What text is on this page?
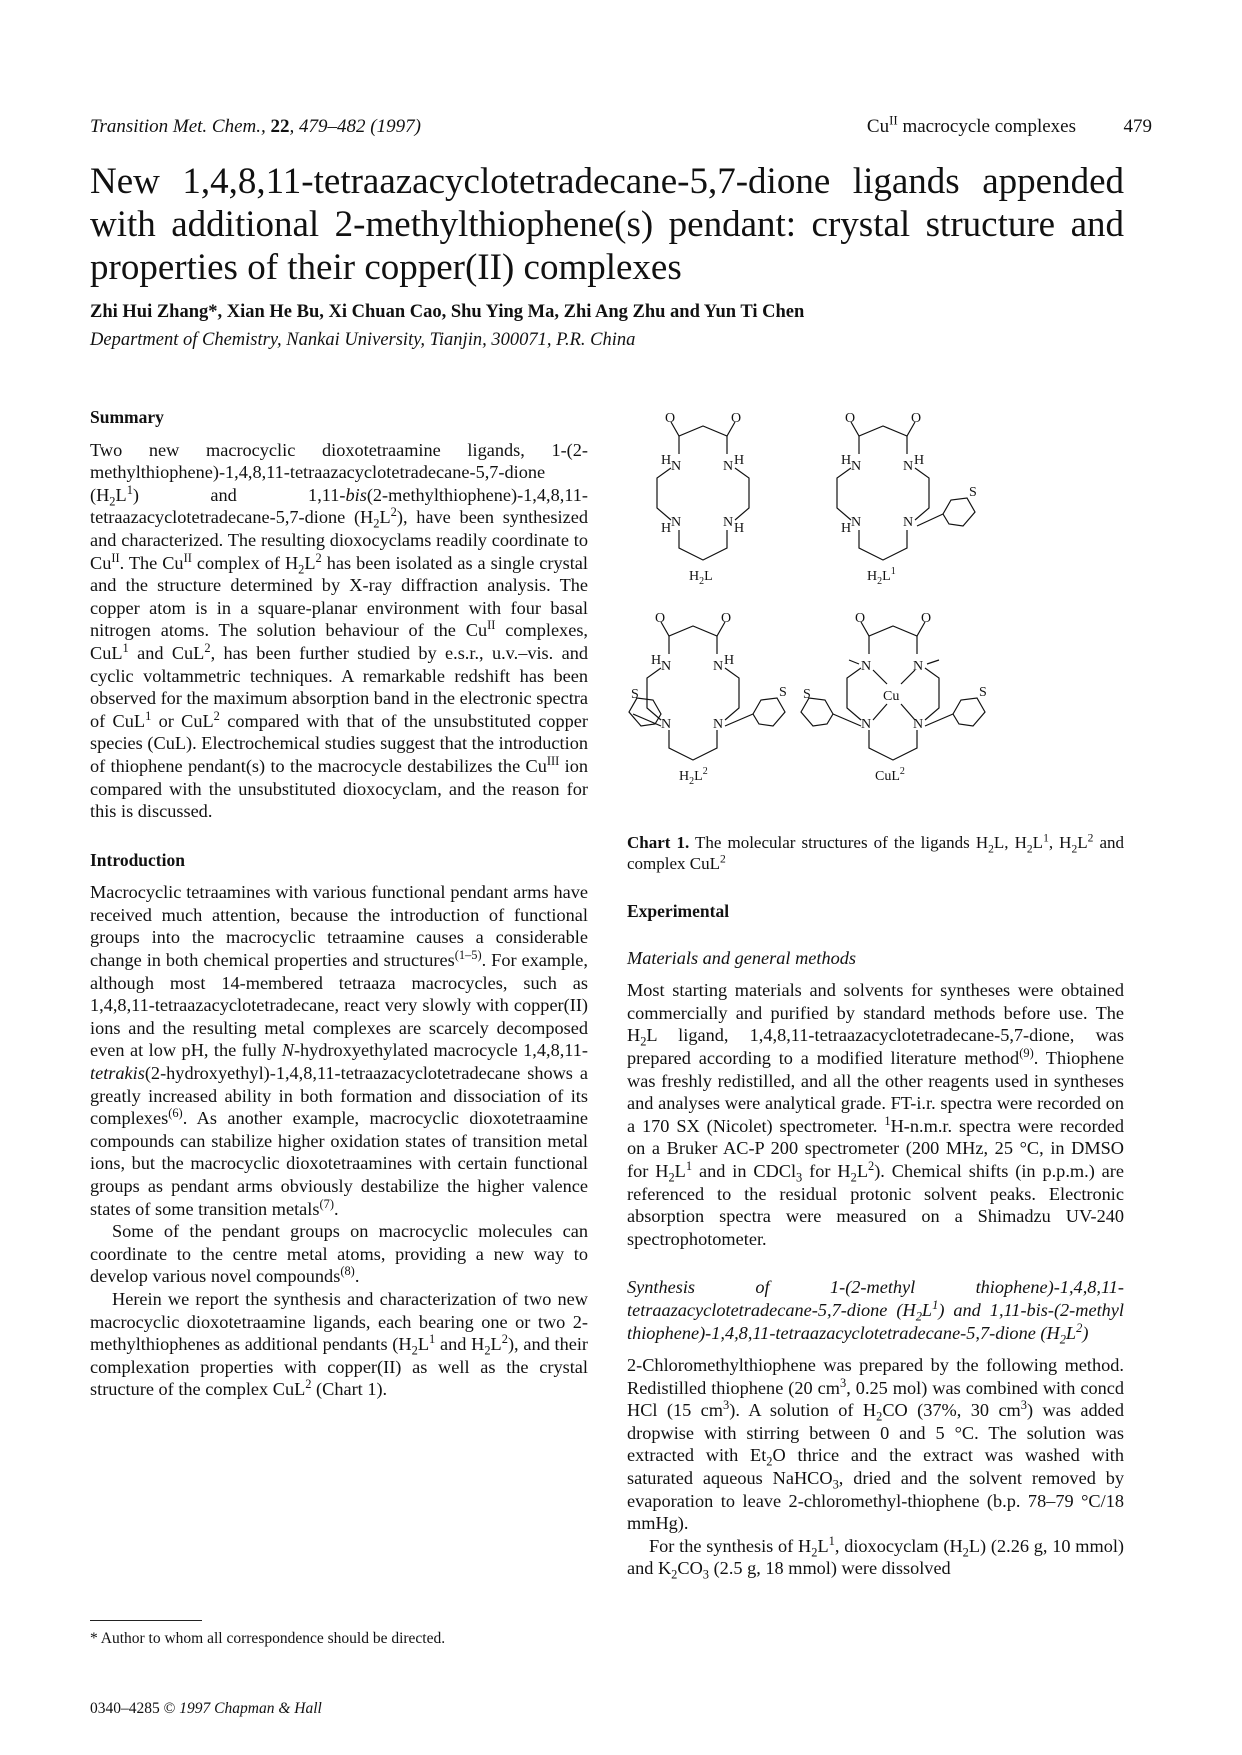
Transition Met. Chem., 22, 479–482 (1997)	$Cu^{II}$ macrocycle complexes	479
New 1,4,8,11-tetraazacyclotetradecane-5,7-dione ligands appended with additional 2-methylthiophene(s) pendant: crystal structure and properties of their copper(II) complexes
Zhi Hui Zhang*, Xian He Bu, Xi Chuan Cao, Shu Ying Ma, Zhi Ang Zhu and Yun Ti Chen
Department of Chemistry, Nankai University, Tianjin, 300071, P.R. China
Summary

Two new macrocyclic dioxotetraamine ligands, 1-(2-methylthiophene)-1,4,8,11-tetraazacyclotetradecane-5,7-dione $(H_2L^1)$ and 1,11-bis(2-methylthiophene)-1,4,8,11-tetraazacyclotetradecane-5,7-dione $(H_2L^2)$, have been synthesized and characterized. The resulting dioxocyclams readily coordinate to $Cu^{II}$. The $Cu^{II}$ complex of $H_2L^2$ has been isolated as a single crystal and the structure determined by X-ray diffraction analysis. The copper atom is in a square-planar environment with four basal nitrogen atoms. The solution behaviour of the $Cu^{II}$ complexes, CuL$^1$ and CuL$^2$, has been further studied by e.s.r., u.v.–vis. and cyclic voltammetric techniques. A remarkable redshift has been observed for the maximum absorption band in the electronic spectra of CuL$^1$ or CuL$^2$ compared with that of the unsubstituted copper species (CuL). Electrochemical studies suggest that the introduction of thiophene pendant(s) to the macrocycle destabilizes the $Cu^{III}$ ion compared with the unsubstituted dioxocyclam, and the reason for this is discussed.

Introduction

Macrocyclic tetraamines with various functional pendant arms have received much attention, because the introduction of functional groups into the macrocyclic tetraamine causes a considerable change in both chemical properties and structures$^{(1-5)}$. For example, although most 14-membered tetraaza macrocycles, such as 1,4,8,11-tetraazacyclotetradecane, react very slowly with copper(II) ions and the resulting metal complexes are scarcely decomposed even at low pH, the fully N-hydroxyethylated macrocycle 1,4,8,11-tetrakis(2-hydroxyethyl)-1,4,8,11-tetraazacyclotetradecane shows a greatly increased ability in both formation and dissociation of its complexes$^{(6)}$. As another example, macrocyclic dioxotetraamine compounds can stabilize higher oxidation states of transition metal ions, but the macrocyclic dioxotetraamines with certain functional groups as pendant arms obviously destabilize the higher valence states of some transition metals$^{(7)}$.

Some of the pendant groups on macrocyclic molecules can coordinate to the centre metal atoms, providing a new way to develop various novel compounds$^{(8)}$.

Herein we report the synthesis and characterization of two new macrocyclic dioxotetraamine ligands, each bearing one or two 2-methylthiophenes as additional pendants ($H_2L^1$ and $H_2L^2$), and their complexation properties with copper(II) as well as the crystal structure of the complex CuL$^2$ (Chart 1).

O	O
H N	N H
H N	N H
$H_2L$
O	O
H N	N H
H N	N
S
$H_2L^1$
O	O
H N	N H
N	N
S	S
$H_2L^2$
O	O
N	N
Cu
N	N
S	S
CuL$^2$
Chart 1. The molecular structures of the ligands $H_2L$, $H_2L^1$, $H_2L^2$ and complex CuL$^2$
Experimental
Materials and general methods

Most starting materials and solvents for syntheses were obtained commercially and purified by standard methods before use. The $H_2L$ ligand, 1,4,8,11-tetraazacyclotetradecane-5,7-dione, was prepared according to a modified literature method$^{(9)}$. Thiophene was freshly redistilled, and all the other reagents used in syntheses and analyses were analytical grade. FT-i.r. spectra were recorded on a 170 SX (Nicolet) spectrometer. $^1$H-n.m.r. spectra were recorded on a Bruker AC-P 200 spectrometer (200 MHz, 25 °C, in DMSO for $H_2L^1$ and in CDCl$_3$ for $H_2L^2$). Chemical shifts (in p.p.m.) are referenced to the residual protonic solvent peaks. Electronic absorption spectra were measured on a Shimadzu UV-240 spectrophotometer.

Synthesis of 1-(2-methyl thiophene)-1,4,8,11-tetraazacyclotetradecane-5,7-dione $(H_2L^1)$ and 1,11-bis-(2-methyl thiophene)-1,4,8,11-tetraazacyclotetradecane-5,7-dione $(H_2L^2)$

2-Chloromethylthiophene was prepared by the following method. Redistilled thiophene (20 $cm^3$, 0.25 mol) was combined with concd HCl (15 $cm^3$). A solution of $H_2CO$ (37%, 30 $cm^3$) was added dropwise with stirring between 0 and 5 °C. The solution was extracted with $Et_2O$ thrice and the extract was washed with saturated aqueous NaHCO$_3$, dried and the solvent removed by evaporation to leave 2-chloromethyl-thiophene (b.p. 78–79 °C/18 mmHg).

For the synthesis of $H_2L^1$, dioxocyclam $(H_2L)$ (2.26 g, 10 mmol) and $K_2CO_3$ (2.5 g, 18 mmol) were dissolved

* Author to whom all correspondence should be directed.
0340–4285 © 1997 Chapman & Hall
